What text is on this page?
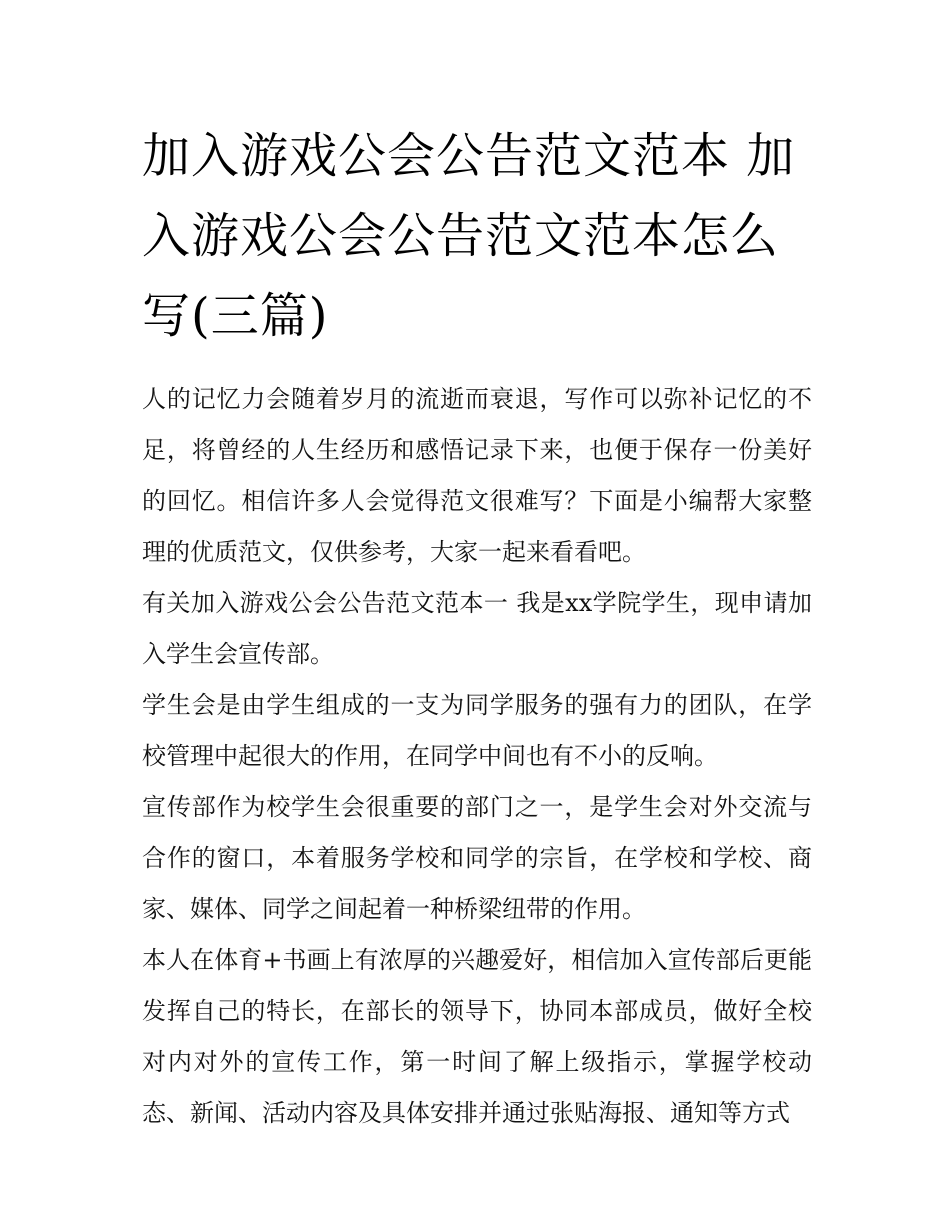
加入游戏公会公告范文范本 加入游戏公会公告范文范本怎么写(三篇)

人的记忆力会随着岁月的流逝而衰退，写作可以弥补记忆的不足，将曾经的人生经历和感悟记录下来，也便于保存一份美好的回忆。相信许多人会觉得范文很难写？下面是小编帮大家整理的优质范文，仅供参考，大家一起来看看吧。

有关加入游戏公会公告范文范本一 我是xx学院学生，现申请加入学生会宣传部。

学生会是由学生组成的一支为同学服务的强有力的团队，在学校管理中起很大的作用，在同学中间也有不小的反响。

宣传部作为校学生会很重要的部门之一，是学生会对外交流与合作的窗口，本着服务学校和同学的宗旨，在学校和学校、商家、媒体、同学之间起着一种桥梁纽带的作用。

本人在体育+书画上有浓厚的兴趣爱好，相信加入宣传部后更能发挥自己的特长，在部长的领导下，协同本部成员，做好全校对内对外的宣传工作，第一时间了解上级指示，掌握学校动态、新闻、活动内容及具体安排并通过张贴海报、通知等方式
